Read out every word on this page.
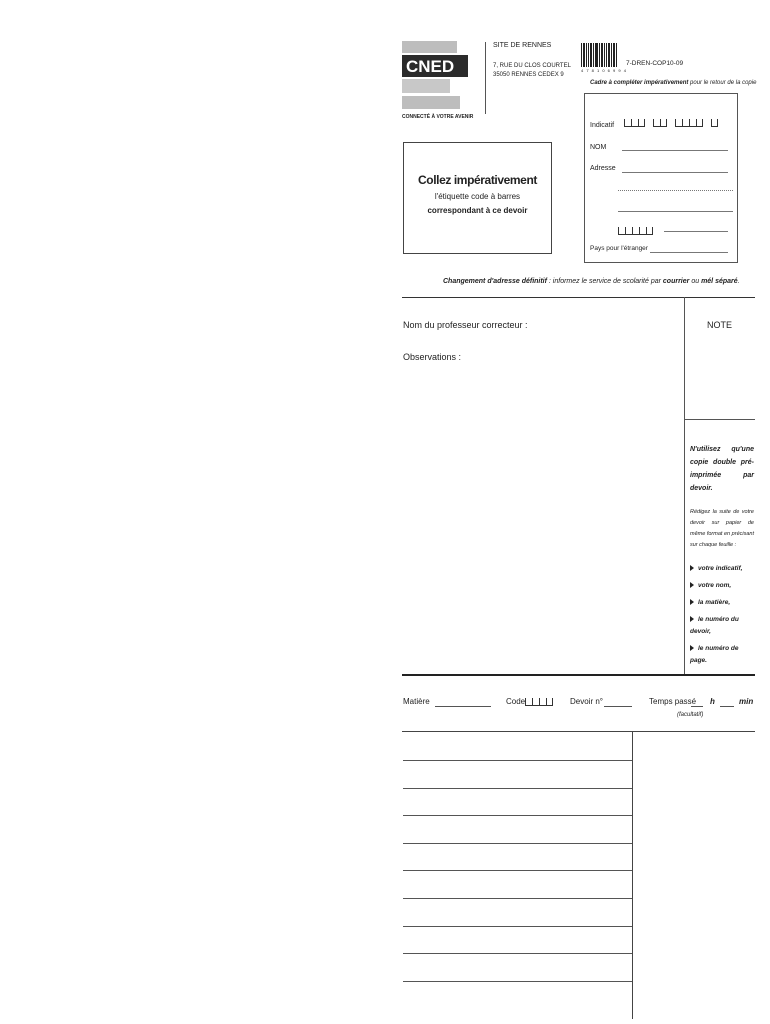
CNED
CONNECTÉ À VOTRE AVENIR
SITE DE RENNES
7, RUE DU CLOS COURTEL
35050 RENNES CEDEX 9
4 7 8 1 0 6 9 9 4
7-DREN-COP10-09
Cadre à compléter impérativement pour le retour de la copie
Indicatif
NOM
Adresse
Pays pour l'étranger
Collez impérativement
l'étiquette code à barres
correspondant à ce devoir
Changement d'adresse définitif : informez le service de scolarité par courrier ou mél séparé.
NOTE
Nom du professeur correcteur :
Observations :
N'utilisez qu'une copie double pré-imprimée par devoir.
Rédigez la suite de votre devoir sur papier de même format en précisant sur chaque feuille :
votre indicatif,
votre nom,
la matière,
le numéro du devoir,
le numéro de page.
Matière	Code	Devoir n°	Temps passé h	min
(facultatif)
